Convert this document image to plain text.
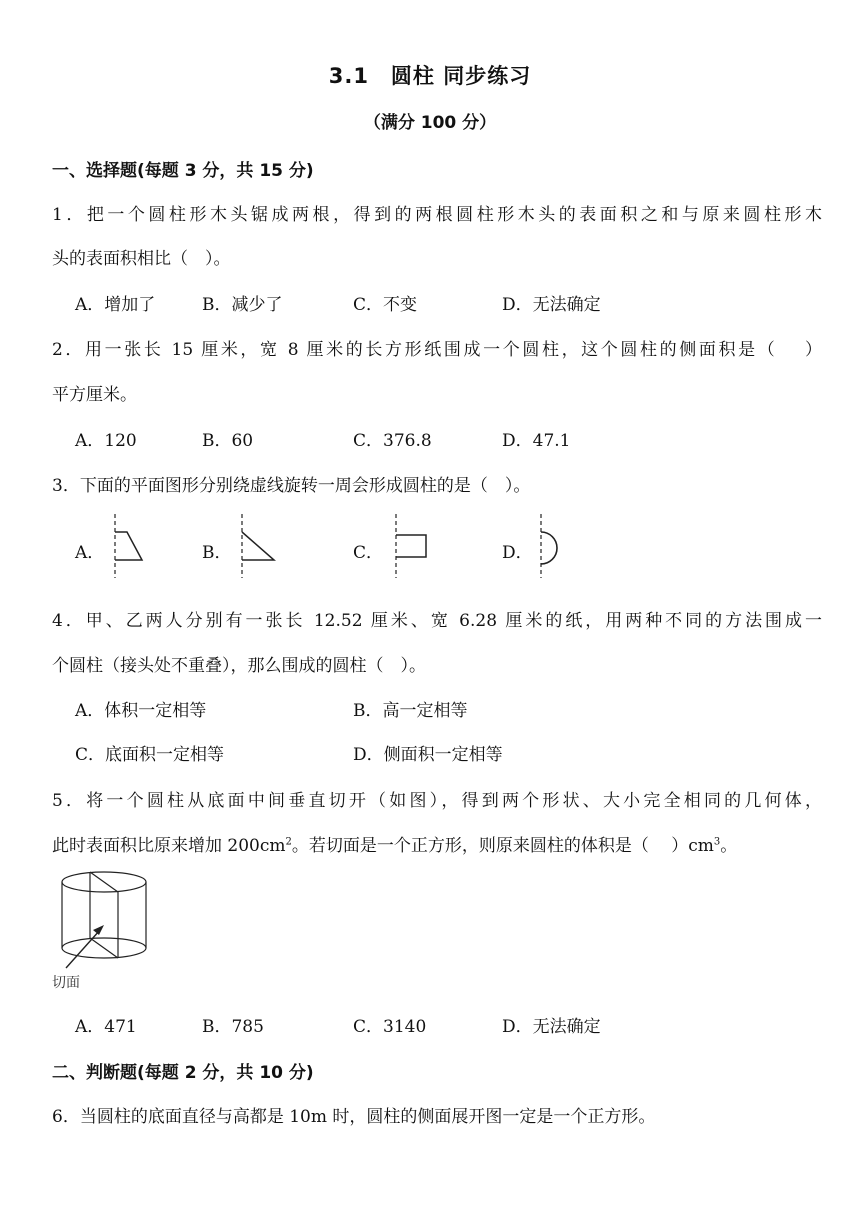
3.1　圆柱 同步练习
（满分 100 分）
一、选择题(每题 3 分，共 15 分)
1．把一个圆柱形木头锯成两根，得到的两根圆柱形木头的表面积之和与原来圆柱形木
头的表面积相比（　）。
A．增加了	B．减少了	C．不变	D．无法确定
2．用一张长 15 厘米，宽 8 厘米的长方形纸围成一个圆柱，这个圆柱的侧面积是（　 ）
平方厘米。
A．120	B．60	C．376.8	D．47.1
3．下面的平面图形分别绕虚线旋转一周会形成圆柱的是（　）。
A．	B．	C．	D．
4．甲、乙两人分别有一张长 12.52 厘米、宽 6.28 厘米的纸，用两种不同的方法围成一
个圆柱（接头处不重叠），那么围成的圆柱（　）。
A．体积一定相等	B．高一定相等
C．底面积一定相等	D．侧面积一定相等
5．将一个圆柱从底面中间垂直切开（如图），得到两个形状、大小完全相同的几何体，
此时表面积比原来增加 $200cm^2$。若切面是一个正方形，则原来圆柱的体积是（　 ）$cm^3$。
切面
A．471	B．785	C．3140	D．无法确定
二、判断题(每题 2 分，共 10 分)
6．当圆柱的底面直径与高都是 10m 时，圆柱的侧面展开图一定是一个正方形。
